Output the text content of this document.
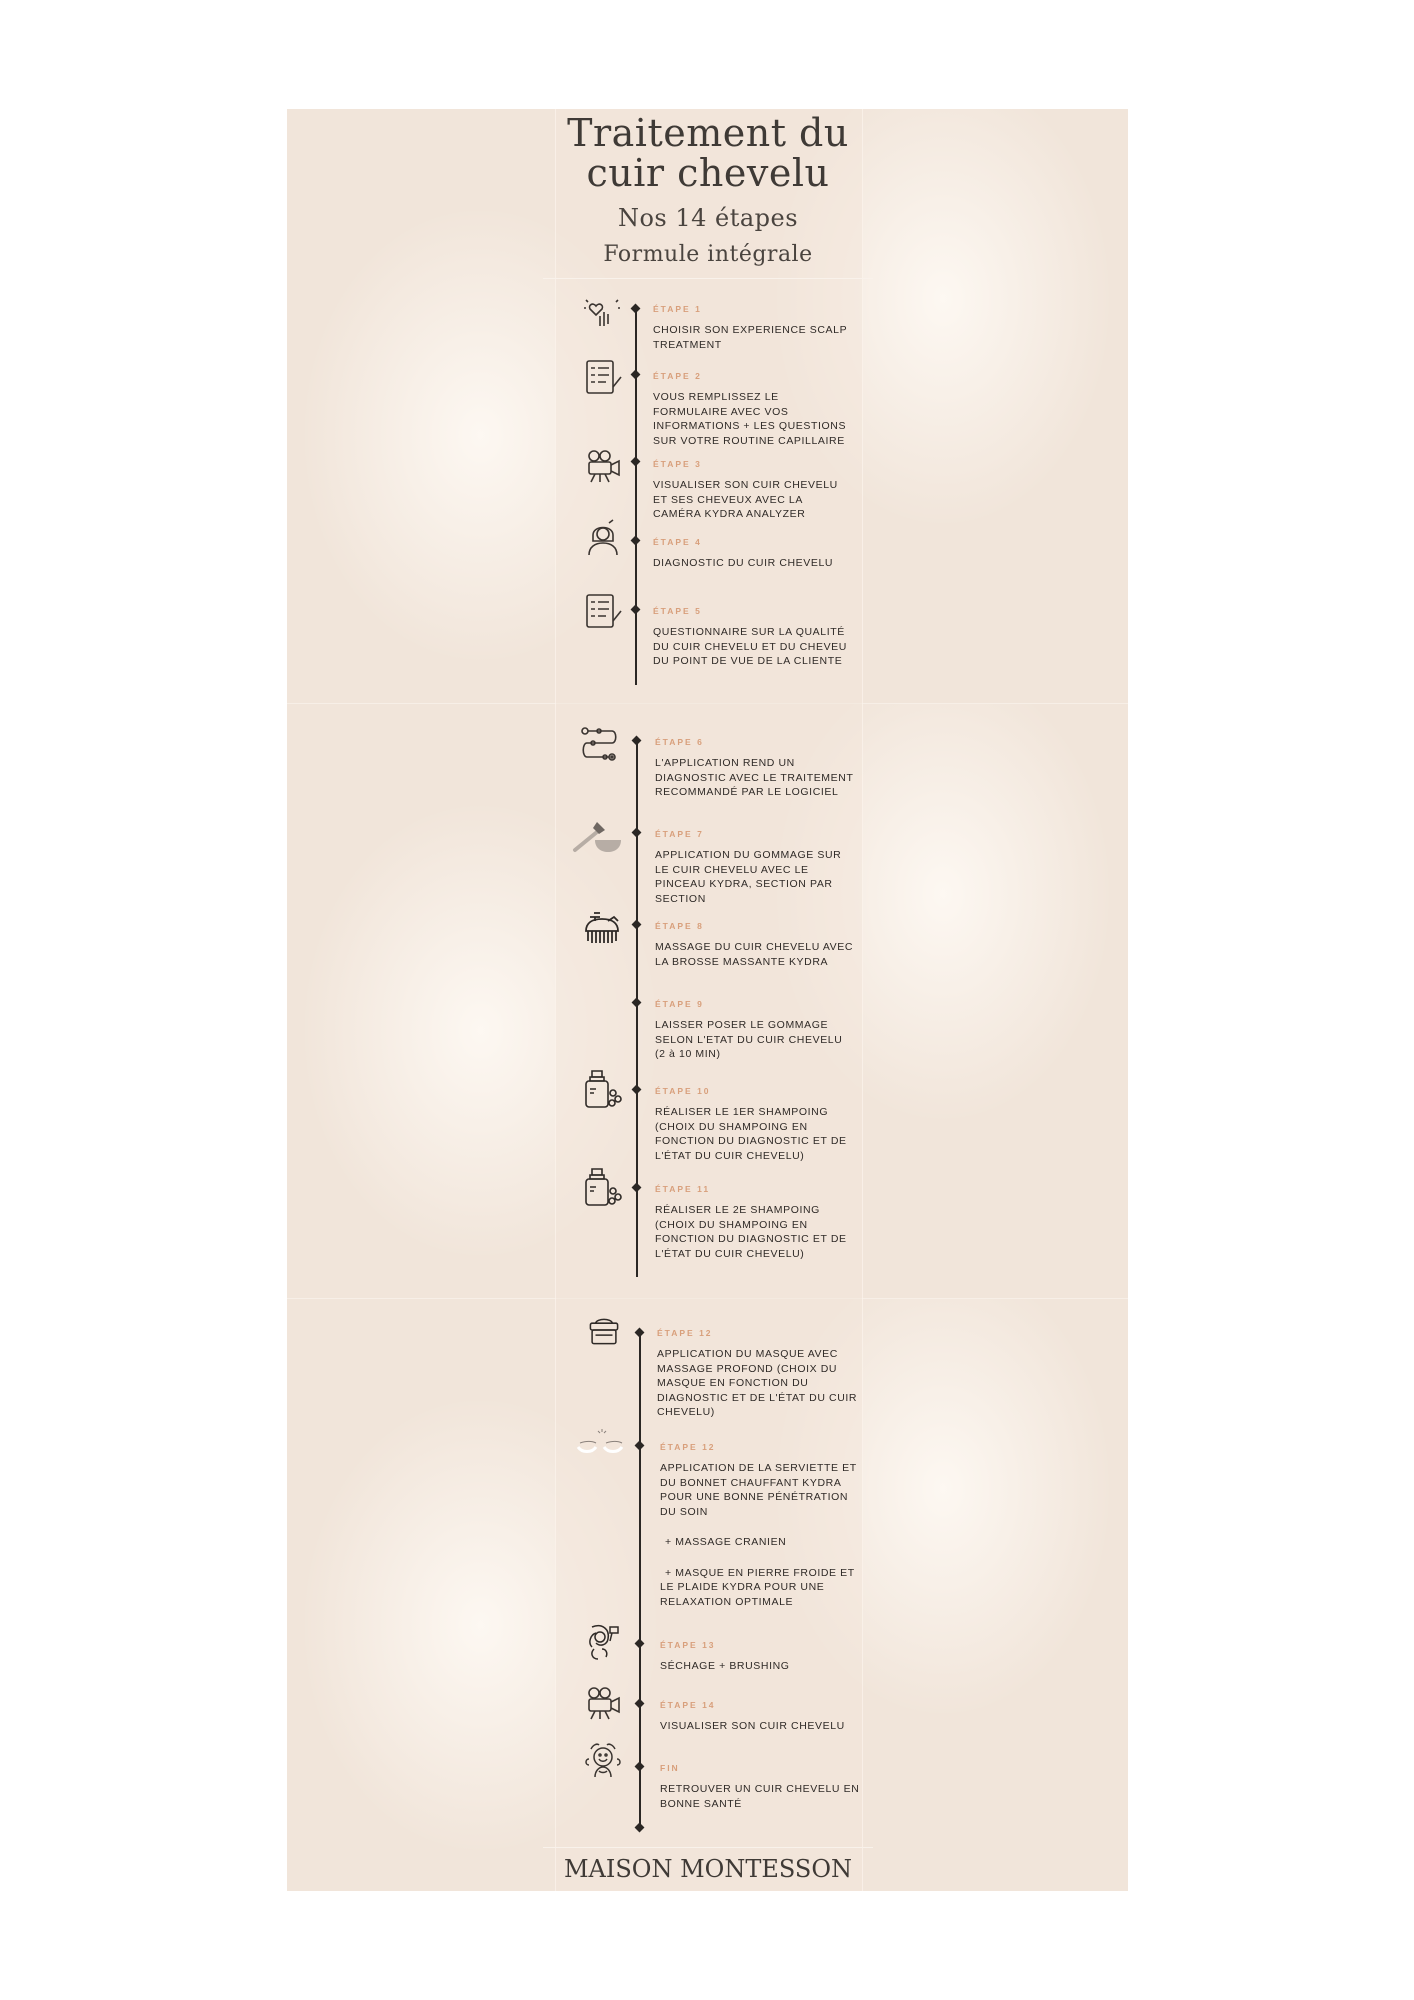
Traitement du
cuir chevelu
Nos 14 étapes
Formule intégrale
ÉTAPE 1
CHOISIR SON EXPERIENCE SCALP TREATMENT
ÉTAPE 2
VOUS REMPLISSEZ LE FORMULAIRE AVEC VOS INFORMATIONS + LES QUESTIONS SUR VOTRE ROUTINE CAPILLAIRE
ÉTAPE 3
VISUALISER SON CUIR CHEVELU ET SES CHEVEUX AVEC LA CAMÉRA KYDRA ANALYZER
ÉTAPE 4
DIAGNOSTIC DU CUIR CHEVELU
ÉTAPE 5
QUESTIONNAIRE SUR LA QUALITÉ DU CUIR CHEVELU ET DU CHEVEU DU POINT DE VUE DE LA CLIENTE
ÉTAPE 6
L'APPLICATION REND UN DIAGNOSTIC AVEC LE TRAITEMENT RECOMMANDÉ PAR LE LOGICIEL
ÉTAPE 7
APPLICATION DU GOMMAGE SUR LE CUIR CHEVELU AVEC LE PINCEAU KYDRA, SECTION PAR SECTION
ÉTAPE 8
MASSAGE DU CUIR CHEVELU AVEC LA BROSSE MASSANTE KYDRA
ÉTAPE 9
LAISSER POSER LE GOMMAGE SELON L'ETAT DU CUIR CHEVELU (2 à 10 MIN)
ÉTAPE 10
RÉALISER LE 1ER SHAMPOING (CHOIX DU SHAMPOING EN FONCTION DU DIAGNOSTIC ET DE L'ÉTAT DU CUIR CHEVELU)
ÉTAPE 11
RÉALISER LE 2E SHAMPOING (CHOIX DU SHAMPOING EN FONCTION DU DIAGNOSTIC ET DE L'ÉTAT DU CUIR CHEVELU)
ÉTAPE 12
APPLICATION DU MASQUE AVEC MASSAGE PROFOND (CHOIX DU MASQUE EN FONCTION DU DIAGNOSTIC ET DE L'ÉTAT DU CUIR CHEVELU)
ÉTAPE 12
APPLICATION DE LA SERVIETTE ET DU BONNET CHAUFFANT KYDRA POUR UNE BONNE PÉNÉTRATION DU SOIN
+ MASSAGE CRANIEN
+ MASQUE EN PIERRE FROIDE ET LE PLAIDE KYDRA POUR UNE RELAXATION OPTIMALE
ÉTAPE 13
SÉCHAGE + BRUSHING
ÉTAPE 14
VISUALISER SON CUIR CHEVELU
FIN
RETROUVER UN CUIR CHEVELU EN BONNE SANTÉ

MAISON MONTESSON
